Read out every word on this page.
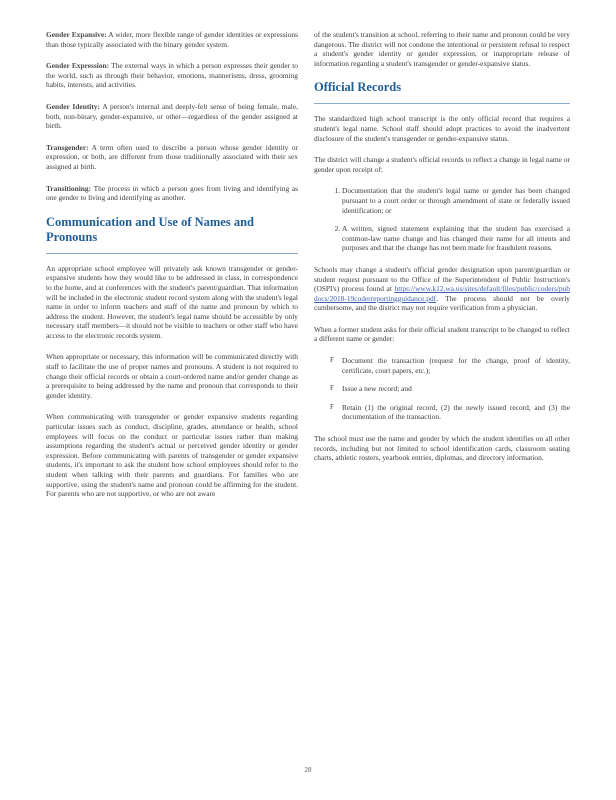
Gender Expansive: A wider, more flexible range of gender identities or expressions than those typically associated with the binary gender system.

Gender Expression: The external ways in which a person expresses their gender to the world, such as through their behavior, emotions, mannerisms, dress, grooming habits, interests, and activities.

Gender Identity: A person's internal and deeply-felt sense of being female, male, both, non-binary, gender-expansive, or other—regardless of the gender assigned at birth.

Transgender: A term often used to describe a person whose gender identity or expression, or both, are different from those traditionally associated with their sex assigned at birth.

Transitioning: The process in which a person goes from living and identifying as one gender to living and identifying as another.

Communication and Use of Names and Pronouns

An appropriate school employee will privately ask known transgender or gender-expansive students how they would like to be addressed in class, in correspondence to the home, and at conferences with the student's parent/guardian. That information will be included in the electronic student record system along with the student's legal name in order to inform teachers and staff of the name and pronoun by which to address the student. However, the student's legal name should be accessible by only necessary staff members—it should not be visible to teachers or other staff who have access to the electronic records system.

When appropriate or necessary, this information will be communicated directly with staff to facilitate the use of proper names and pronouns. A student is not required to change their official records or obtain a court-ordered name and/or gender change as a prerequisite to being addressed by the name and pronoun that corresponds to their gender identity.

When communicating with transgender or gender expansive students regarding particular issues such as conduct, discipline, grades, attendance or health, school employees will focus on the conduct or particular issues rather than making assumptions regarding the student's actual or perceived gender identity or gender expression. Before communicating with parents of transgender or gender expansive students, it's important to ask the student how school employees should refer to the student when talking with their parents and guardians. For families who are supportive, using the student's name and pronoun could be affirming for the student. For parents who are not supportive, or who are not aware

of the student's transition at school, referring to their name and pronoun could be very dangerous. The district will not condone the intentional or persistent refusal to respect a student's gender identity or gender expression, or inappropriate release of information regarding a student's transgender or gender-expansive status.

Official Records

The standardized high school transcript is the only official record that requires a student's legal name. School staff should adopt practices to avoid the inadvertent disclosure of the student's transgender or gender-expansive status.

The district will change a student's official records to reflect a change in legal name or gender upon receipt of:

1. Documentation that the student's legal name or gender has been changed pursuant to a court order or through amendment of state or federally issued identification; or
2. A written, signed statement explaining that the student has exercised a common-law name change and has changed their name for all intents and purposes and that the change has not been made for fraudulent reasons.

Schools may change a student's official gender designation upon parent/guardian or student request pursuant to the Office of the Superintendent of Public Instruction's (OSPI's) process found at https://www.k12.wa.us/sites/default/files/public/coders/pubdocs/2018-19coderreportingguidance.pdf. The process should not be overly cumbersome, and the district may not require verification from a physician.

When a former student asks for their official student transcript to be changed to reflect a different name or gender:

F Document the transaction (request for the change, proof of identity, certificate, court papers, etc.);
F Issue a new record; and
F Retain (1) the original record, (2) the newly issued record, and (3) the documentation of the transaction.

The school must use the name and gender by which the student identifies on all other records, including but not limited to school identification cards, classroom seating charts, athletic rosters, yearbook entries, diplomas, and directory information.

28
